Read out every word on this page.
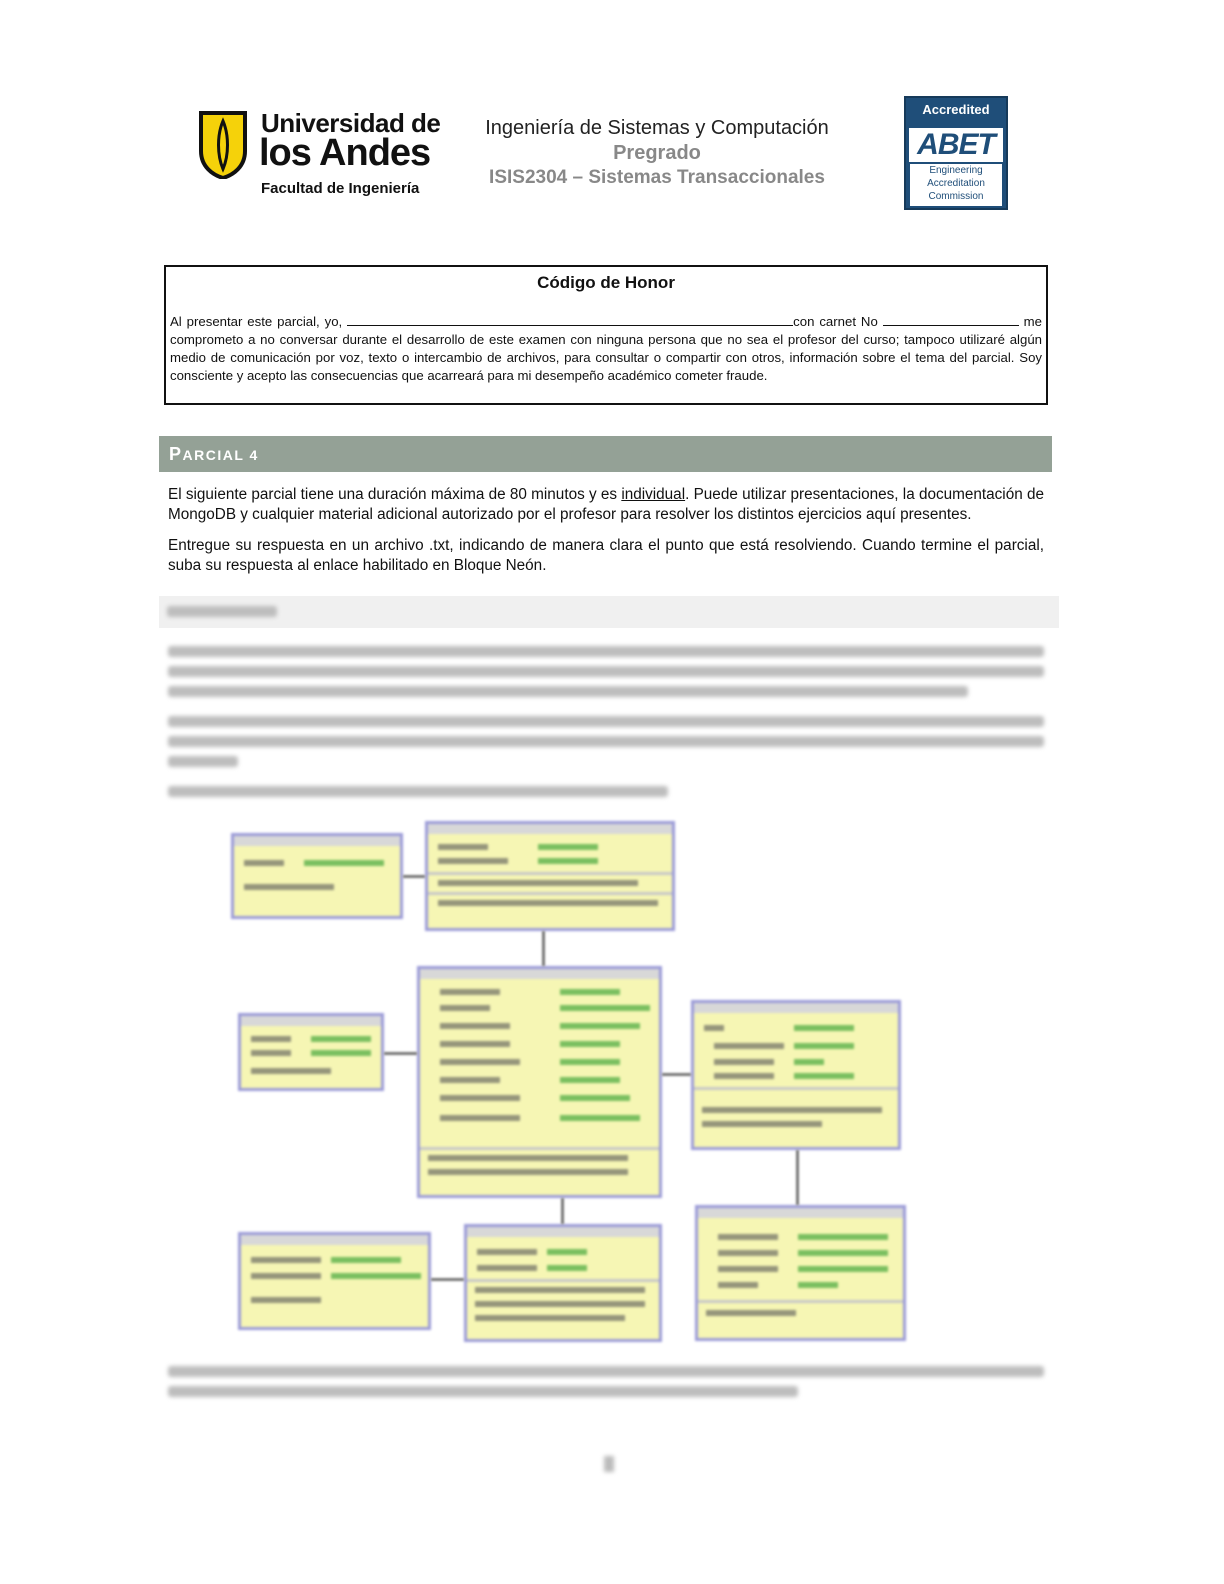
Universidad de
los Andes
Facultad de Ingeniería
Ingeniería de Sistemas y Computación
Pregrado
ISIS2304 – Sistemas Transaccionales
Accredited
ABET
Engineering Accreditation Commission
Código de Honor
Al presentar este parcial, yo,	con carnet No	me comprometo a no conversar durante el desarrollo de este examen con ninguna persona que no sea el profesor del curso; tampoco utilizaré algún medio de comunicación por voz, texto o intercambio de archivos, para consultar o compartir con otros, información sobre el tema del parcial. Soy consciente y acepto las consecuencias que acarreará para mi desempeño académico cometer fraude.
PARCIAL 4
El siguiente parcial tiene una duración máxima de 80 minutos y es individual. Puede utilizar presentaciones, la documentación de MongoDB y cualquier material adicional autorizado por el profesor para resolver los distintos ejercicios aquí presentes.
Entregue su respuesta en un archivo .txt, indicando de manera clara el punto que está resolviendo. Cuando termine el parcial, suba su respuesta al enlace habilitado en Bloque Neón.
